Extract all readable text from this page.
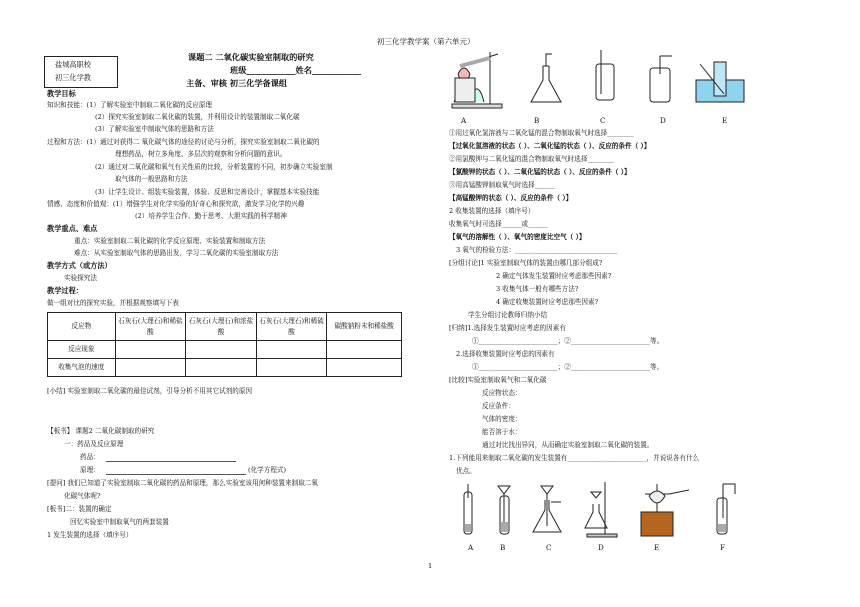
初三化学教学案（第六单元）
1
盐城高职校
初三化学教
课题二 二氧化碳实验室制取的研究
班级____________姓名____________
主备、审核 初三化学备课组
教学目标
知识和技能：(1）了解实验室中制取二氧化碳的反应原理
(2）探究实验室制取二氧化碳的装置，并利用设计的装置制取二氧化碳
(3）了解实验室中制取气体的思路和方法
过程和方法：(1）通过对获得二 氧化碳气体的途径的讨论与分析，探究实验室制取二氧化碳的
理想药品，树立多角度、多层次的观察和分析问题的意识。
(2）通过对二氧化碳和氧气有关性质的比较，分析装置的不同，初步确立实验室制
取气体的一般思路和方法
(3）让学生设计、组装实验装置，体验、反思和完善设计，掌握基本实验技能
情感、态度和价值观：(1）增强学生对化学实验的好奇心和探究欲，激发学习化学的兴趣
(2）培养学生合作、勤于思考、大胆实践的科学精神
教学重点、难点
重点：实验室制取二氧化碳的化学反应原理、实验装置和制取方法
难点：从实验室制取气体的思路出发，学习二氧化碳的实验室制取方法
教学方式（或方法）
实验探究法
教学过程：
做一组对比的探究实验，并根据观察填写下表
反应物	石灰石(大理石)和稀盐酸	石灰石(大理石)和浓盐酸	石灰石(大理石)和稀硫酸	碳酸钠粉末和稀盐酸
反应现象				
收集气泡的速度				
[小结] 实验室制取二氧化碳的最佳试剂，引导分析不用其它试剂的原因
【板书】 课题2 二氧化碳制取的研究
一：药品及反应原理
药品：
原理：	(化学方程式)
[提问] 我们已知道了实验室制取二氧化碳的药品和原理，那么实验室该用何种装置来制取二氧
化碳气体呢?
[板书]二：装置的确定
回忆实验室中制取氧气的两套装置
1 发生装置的选择（填序号）
A	B	C	D	E
①用过氧化氢溶液与二氧化锰的混合物制取氧气时选择________
【过氧化氢溶液的状态（ ）、二氧化锰的状态（ ）、反应的条件（ ）】
②用氯酸钾与二氧化锰的混合物制取氧气时选择________
【氯酸钾的状态（ ）、二氧化锰的状态（ ）、反应的条件（ ）】
③用高锰酸钾制取氧气时选择______
【高锰酸钾的状态（ ）、反应的条件（ ）】
2 收集装置的选择（填序号）
收集氧气时可选择______或______
【氧气的溶解性（ ）、氧气的密度比空气（ ）】
3 氧气的检验方法：_______________________________
[分组讨论]1 实验室制取气体的装置由哪几部分组成?
2 确定气体发生装置时应考虑那些因素?
3 收集气体一般有哪些方法?
4 确定收集装置时应考虑那些因素?
学生分组讨论教师归纳小结
[归纳]1.选择发生装置时应考虑的因素有
①________________________；②________________________等。
2.选择收集装置时应考虑的因素有
①________________________；②________________________等。
[比较]实验室制取氧气和二氧化碳
反应物状态：
反应条件：
气体的密度：
能否溶于水：
通过对比找出异同，从而确定实验室制取二氧化碳的装置。
1.下列能用来制取二氧化碳的发生装置有________________________，并说说各有什么
优点。
A	B	C	D	E	F
